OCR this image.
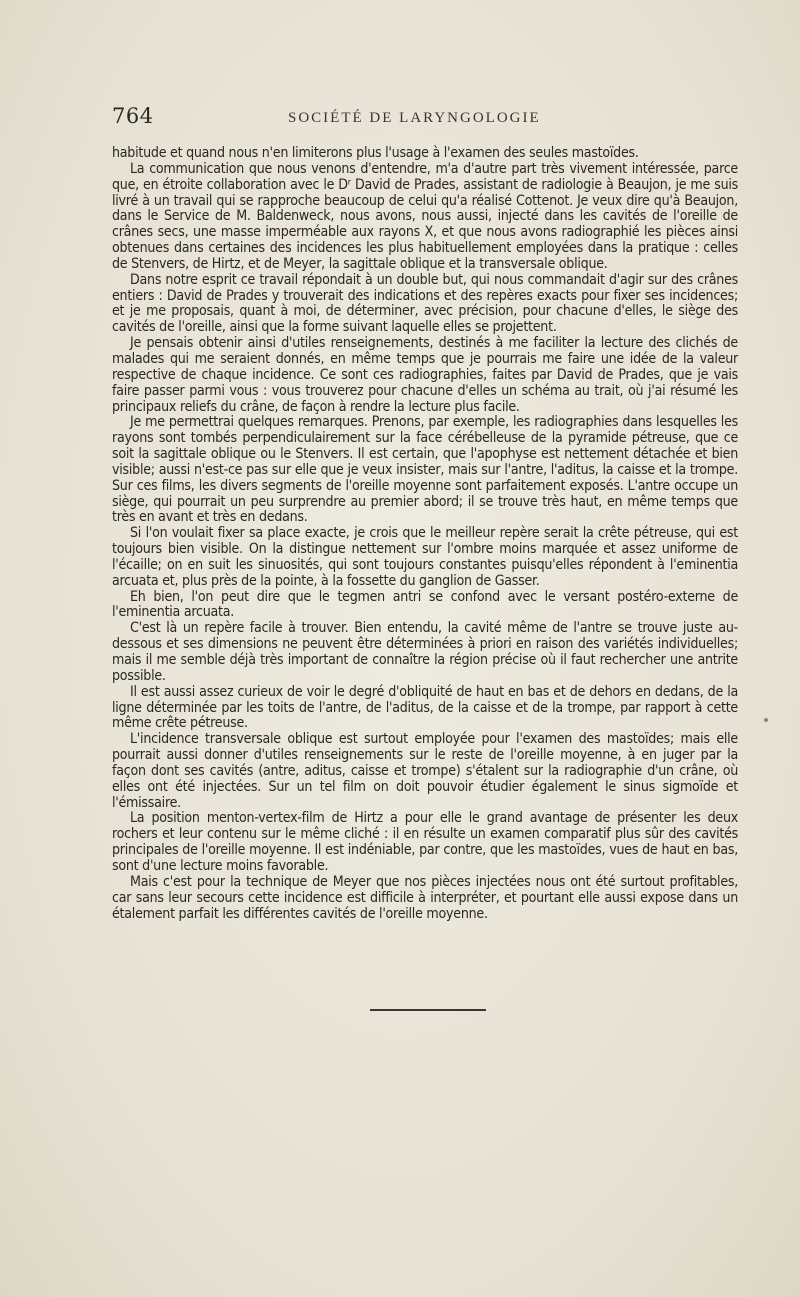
764	SOCIÉTÉ DE LARYNGOLOGIE

habitude et quand nous n'en limiterons plus l'usage à l'examen des seules mastoïdes.

La communication que nous venons d'entendre, m'a d'autre part très vivement intéressée, parce que, en étroite collaboration avec le Dʳ David de Prades, assistant de radiologie à Beaujon, je me suis livré à un travail qui se rapproche beaucoup de celui qu'a réalisé Cottenot. Je veux dire qu'à Beaujon, dans le Service de M. Baldenweck, nous avons, nous aussi, injecté dans les cavités de l'oreille de crânes secs, une masse imperméable aux rayons X, et que nous avons radiographié les pièces ainsi obtenues dans certaines des incidences les plus habituellement employées dans la pratique : celles de Stenvers, de Hirtz, et de Meyer, la sagittale oblique et la transversale oblique.

Dans notre esprit ce travail répondait à un double but, qui nous commandait d'agir sur des crânes entiers : David de Prades y trouverait des indications et des repères exacts pour fixer ses incidences; et je me proposais, quant à moi, de déterminer, avec précision, pour chacune d'elles, le siège des cavités de l'oreille, ainsi que la forme suivant laquelle elles se projettent.

Je pensais obtenir ainsi d'utiles renseignements, destinés à me faciliter la lecture des clichés de malades qui me seraient donnés, en même temps que je pourrais me faire une idée de la valeur respective de chaque incidence. Ce sont ces radiographies, faites par David de Prades, que je vais faire passer parmi vous : vous trouverez pour chacune d'elles un schéma au trait, où j'ai résumé les principaux reliefs du crâne, de façon à rendre la lecture plus facile.

Je me permettrai quelques remarques. Prenons, par exemple, les radiographies dans lesquelles les rayons sont tombés perpendiculairement sur la face cérébelleuse de la pyramide pétreuse, que ce soit la sagittale oblique ou le Stenvers. Il est certain, que l'apophyse est nettement détachée et bien visible; aussi n'est-ce pas sur elle que je veux insister, mais sur l'antre, l'aditus, la caisse et la trompe. Sur ces films, les divers segments de l'oreille moyenne sont parfaitement exposés. L'antre occupe un siège, qui pourrait un peu surprendre au premier abord; il se trouve très haut, en même temps que très en avant et très en dedans.

Si l'on voulait fixer sa place exacte, je crois que le meilleur repère serait la crête pétreuse, qui est toujours bien visible. On la distingue nettement sur l'ombre moins marquée et assez uniforme de l'écaille; on en suit les sinuosités, qui sont toujours constantes puisqu'elles répondent à l'eminentia arcuata et, plus près de la pointe, à la fossette du ganglion de Gasser.

Eh bien, l'on peut dire que le tegmen antri se confond avec le versant postéro-externe de l'eminentia arcuata.

C'est là un repère facile à trouver. Bien entendu, la cavité même de l'antre se trouve juste au-dessous et ses dimensions ne peuvent être déterminées à priori en raison des variétés individuelles; mais il me semble déjà très important de connaître la région précise où il faut rechercher une antrite possible.

Il est aussi assez curieux de voir le degré d'obliquité de haut en bas et de dehors en dedans, de la ligne déterminée par les toits de l'antre, de l'aditus, de la caisse et de la trompe, par rapport à cette même crête pétreuse.

L'incidence transversale oblique est surtout employée pour l'examen des mastoïdes; mais elle pourrait aussi donner d'utiles renseignements sur le reste de l'oreille moyenne, à en juger par la façon dont ses cavités (antre, aditus, caisse et trompe) s'étalent sur la radiographie d'un crâne, où elles ont été injectées. Sur un tel film on doit pouvoir étudier également le sinus sigmoïde et l'émissaire.

La position menton-vertex-film de Hirtz a pour elle le grand avantage de présenter les deux rochers et leur contenu sur le même cliché : il en résulte un examen comparatif plus sûr des cavités principales de l'oreille moyenne. Il est indéniable, par contre, que les mastoïdes, vues de haut en bas, sont d'une lecture moins favorable.

Mais c'est pour la technique de Meyer que nos pièces injectées nous ont été surtout profitables, car sans leur secours cette incidence est difficile à interpréter, et pourtant elle aussi expose dans un étalement parfait les différentes cavités de l'oreille moyenne.
